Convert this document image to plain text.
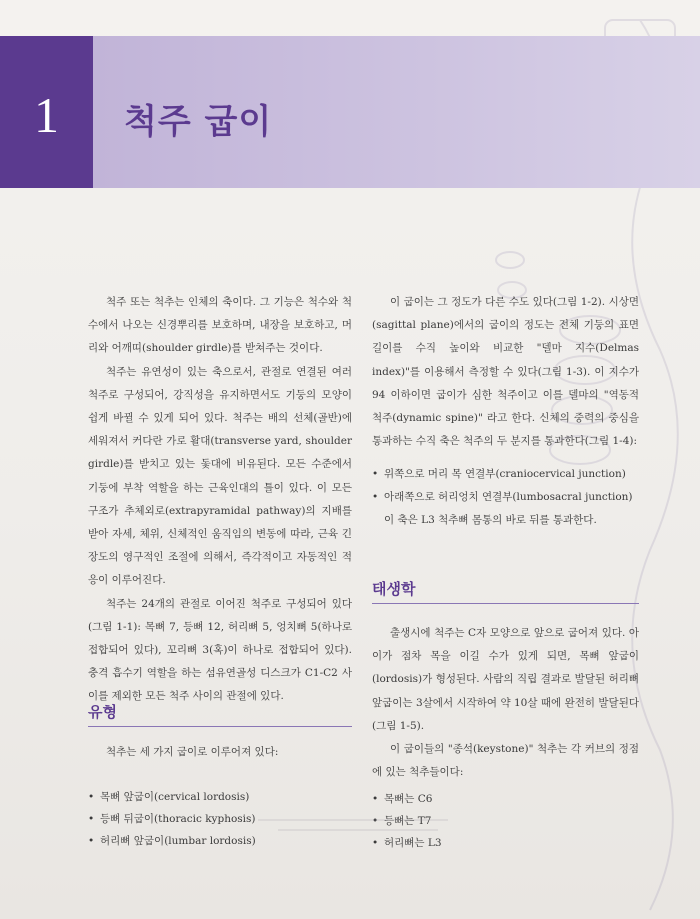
1	척주 굽이

척주 또는 척추는 인체의 축이다. 그 기능은 척수와 척수에서 나오는 신경뿌리를 보호하며, 내장을 보호하고, 머리와 어깨띠(shoulder girdle)를 받쳐주는 것이다.

척주는 유연성이 있는 축으로서, 관절로 연결된 여러 척주로 구성되어, 강직성을 유지하면서도 기둥의 모양이 쉽게 바뀔 수 있게 되어 있다. 척주는 배의 선체(골반)에 세워져서 커다란 가로 활대(transverse yard, shoulder girdle)를 받치고 있는 돛대에 비유된다. 모든 수준에서 기둥에 부착 역할을 하는 근육인대의 틀이 있다. 이 모든 구조가 추체외로(extrapyramidal pathway)의 지배를 받아 자세, 체위, 신체적인 움직임의 변동에 따라, 근육 긴장도의 영구적인 조절에 의해서, 즉각적이고 자동적인 적응이 이루어진다.

척주는 24개의 관절로 이어진 척주로 구성되어 있다(그림 1-1): 목뼈 7, 등뼈 12, 허리뼈 5, 엉치뼈 5(하나로 접합되어 있다), 꼬리뼈 3(혹)이 하나로 접합되어 있다). 충격 흡수기 역할을 하는 섬유연골성 디스크가 C1-C2 사이를 제외한 모든 척주 사이의 관절에 있다.

유형
척추는 세 가지 굽이로 이루어져 있다:
• 목뼈 앞굽이(cervical lordosis)
• 등뼈 뒤굽이(thoracic kyphosis)
• 허리뼈 앞굽이(lumbar lordosis)

이 굽이는 그 정도가 다른 수도 있다(그림 1-2). 시상면(sagittal plane)에서의 굽이의 정도는 전체 기둥의 표면 길이를 수직 높이와 비교한 "델마 지수(Delmas index)"를 이용해서 측정할 수 있다(그림 1-3). 이 지수가 94 이하이면 굽이가 심한 척주이고 이를 델마의 "역동적 척주(dynamic spine)" 라고 한다. 신체의 중력의 중심을 통과하는 수직 축은 척주의 두 분지를 통과한다(그림 1-4):

• 위쪽으로 머리 목 연결부(craniocervical junction)
• 아래쪽으로 허리엉치 연결부(lumbosacral junction)
이 축은 L3 척추뼈 몸통의 바로 뒤를 통과한다.
태생학

출생시에 척주는 C자 모양으로 앞으로 굽어져 있다. 아이가 점차 목을 이길 수가 있게 되면, 목뼈 앞굽이(lordosis)가 형성된다. 사람의 직립 결과로 발달된 허리뼈 앞굽이는 3살에서 시작하여 약 10살 때에 완전히 발달된다(그림 1-5).

이 굽이들의 "종석(keystone)" 척추는 각 커브의 정점에 있는 척추들이다:

• 목뼈는 C6
• 등뼈는 T7
• 허리뼈는 L3
